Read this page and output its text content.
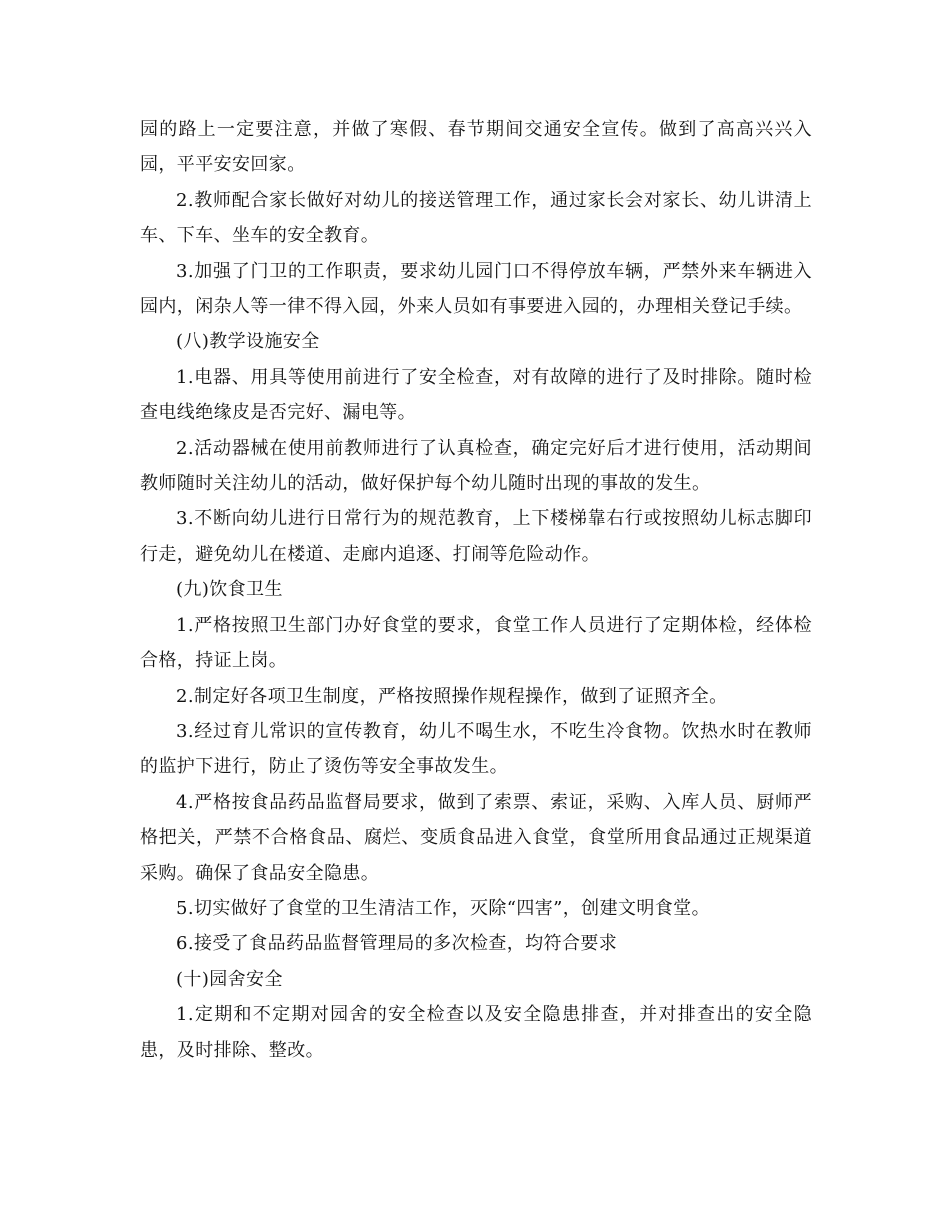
园的路上一定要注意，并做了寒假、春节期间交通安全宣传。做到了高高兴兴入园，平平安安回家。

2.教师配合家长做好对幼儿的接送管理工作，通过家长会对家长、幼儿讲清上车、下车、坐车的安全教育。

3.加强了门卫的工作职责，要求幼儿园门口不得停放车辆，严禁外来车辆进入园内，闲杂人等一律不得入园，外来人员如有事要进入园的，办理相关登记手续。

(八)教学设施安全

1.电器、用具等使用前进行了安全检查，对有故障的进行了及时排除。随时检查电线绝缘皮是否完好、漏电等。

2.活动器械在使用前教师进行了认真检查，确定完好后才进行使用，活动期间教师随时关注幼儿的活动，做好保护每个幼儿随时出现的事故的发生。

3.不断向幼儿进行日常行为的规范教育，上下楼梯靠右行或按照幼儿标志脚印行走，避免幼儿在楼道、走廊内追逐、打闹等危险动作。

(九)饮食卫生

1.严格按照卫生部门办好食堂的要求，食堂工作人员进行了定期体检，经体检合格，持证上岗。

2.制定好各项卫生制度，严格按照操作规程操作，做到了证照齐全。

3.经过育儿常识的宣传教育，幼儿不喝生水，不吃生冷食物。饮热水时在教师的监护下进行，防止了烫伤等安全事故发生。

4.严格按食品药品监督局要求，做到了索票、索证，采购、入库人员、厨师严格把关，严禁不合格食品、腐烂、变质食品进入食堂，食堂所用食品通过正规渠道采购。确保了食品安全隐患。

5.切实做好了食堂的卫生清洁工作，灭除“四害”，创建文明食堂。

6.接受了食品药品监督管理局的多次检查，均符合要求

(十)园舍安全

1.定期和不定期对园舍的安全检查以及安全隐患排查，并对排查出的安全隐患，及时排除、整改。
